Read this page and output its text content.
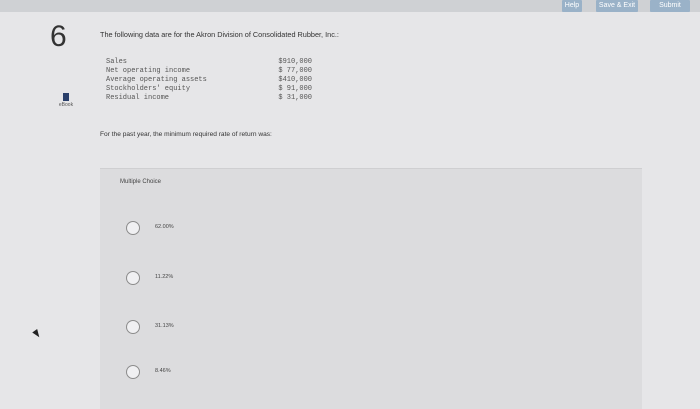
Help	Save & Exit	Submit
6
eBook
The following data are for the Akron Division of Consolidated Rubber, Inc.:
Sales	$910,000
Net operating income	$ 77,000
Average operating assets	$410,000
Stockholders' equity	$ 91,000
Residual income	$ 31,000
For the past year, the minimum required rate of return was:
Multiple Choice
62.00%
11.22%
31.13%
8.46%
